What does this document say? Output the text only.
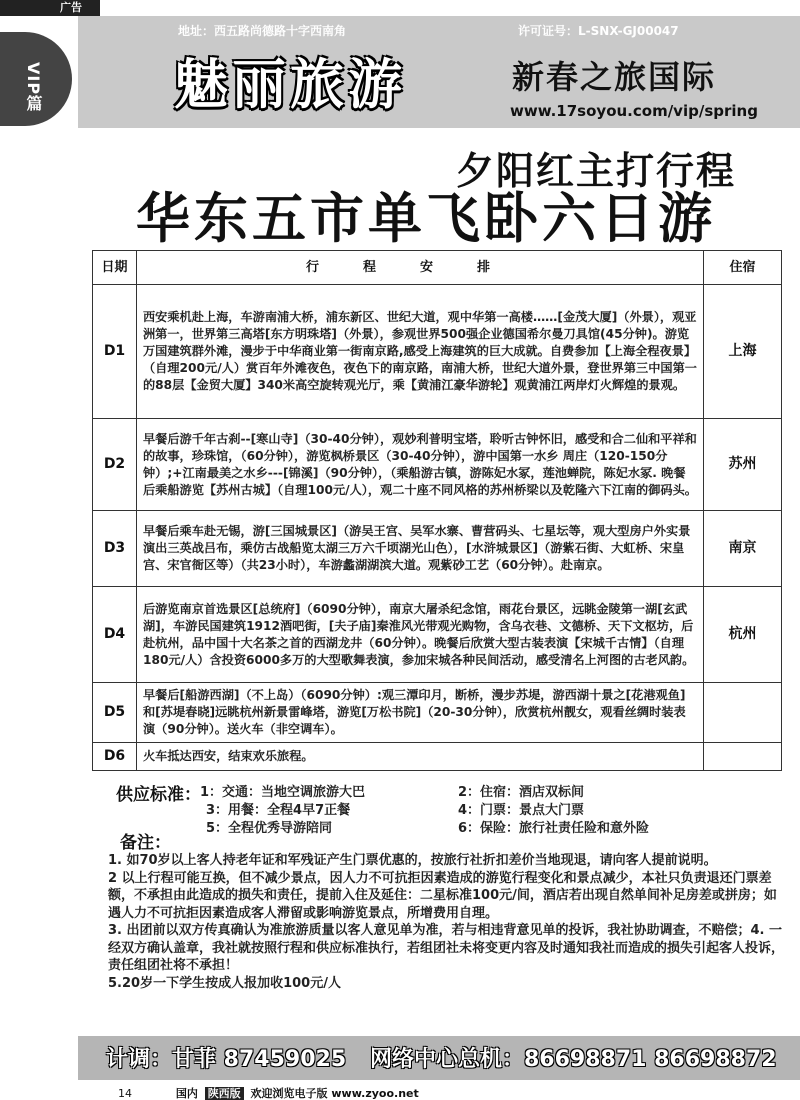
广告
VIP篇
地址：西五路尚德路十字西南角	许可证号：L-SNX-GJ00047
魅丽旅游	新春之旅国际
www.17soyou.com/vip/spring
夕阳红主打行程
华东五市单飞卧六日游
日期	行程安排	住宿
D1	西安乘机赴上海，车游南浦大桥，浦东新区、世纪大道，观中华第一高楼……[金茂大厦]（外景），观亚洲第一，世界第三高塔[东方明珠塔]（外景），参观世界500强企业德国希尔曼刀具馆(45分钟)。游览万国建筑群外滩，漫步于中华商业第一街南京路,感受上海建筑的巨大成就。自费参加【上海全程夜景】（自理200元/人）赏百年外滩夜色，夜色下的南京路，南浦大桥，世纪大道外景，登世界第三中国第一的88层【金贸大厦】340米高空旋转观光厅，乘【黄浦江豪华游轮】观黄浦江两岸灯火辉煌的景观。	上海
D2	早餐后游千年古刹--[寒山寺]（30-40分钟），观妙利普明宝塔，聆听古钟怀旧，感受和合二仙和平祥和的故事，珍珠馆，（60分钟），游览枫桥景区（30-40分钟），游中国第一水乡 周庄（120-150分钟）;+江南最美之水乡---[锦溪]（90分钟），（乘船游古镇，游陈妃水冢，莲池蝉院，陈妃水冢. 晚餐后乘船游览【苏州古城】（自理100元/人），观二十座不同风格的苏州桥梁以及乾隆六下江南的御码头。	苏州
D3	早餐后乘车赴无锡，游[三国城景区]（游吴王宫、吴军水寨、曹营码头、七星坛等，观大型房户外实景演出三英战吕布，乘仿古战船览太湖三万六千顷湖光山色），[水浒城景区]（游紫石街、大虹桥、宋皇宫、宋官衙区等）（共23小时），车游蠡湖湖滨大道。观紫砂工艺（60分钟）。赴南京。	南京
D4	后游览南京首选景区[总统府]（6090分钟），南京大屠杀纪念馆，雨花台景区，远眺金陵第一湖[玄武湖]，车游民国建筑1912酒吧街，[夫子庙]秦淮风光带观光购物，含乌衣巷、文德桥、天下文枢坊，后赴杭州，品中国十大名茶之首的西湖龙井（60分钟）。晚餐后欣赏大型古装表演【宋城千古情】（自理180元/人）含投资6000多万的大型歌舞表演，参加宋城各种民间活动，感受清名上河图的古老风韵。	杭州
D5	早餐后[船游西湖]（不上岛）（6090分钟）:观三潭印月，断桥，漫步苏堤，游西湖十景之[花港观鱼]和[苏堤春晓]远眺杭州新景雷峰塔，游览[万松书院]（20-30分钟），欣赏杭州靓女，观看丝绸时装表演（90分钟）。送火车（非空调车）。	
D6	火车抵达西安，结束欢乐旅程。	
供应标准： 1：交通：当地空调旅游大巴	2：住宿：酒店双标间
3：用餐：全程4早7正餐	4：门票：景点大门票
5：全程优秀导游陪同	6：保险：旅行社责任险和意外险
备注：

1. 如70岁以上客人持老年证和军残证产生门票优惠的，按旅行社折扣差价当地现退，请向客人提前说明。

2 以上行程可能互换，但不减少景点，因人力不可抗拒因素造成的游览行程变化和景点减少，本社只负责退还门票差额，不承担由此造成的损失和责任，提前入住及延住：二星标准100元/间，酒店若出现自然单间补足房差或拼房；如遇人力不可抗拒因素造成客人滞留或影响游览景点，所增费用自理。

3. 出团前以双方传真确认为准旅游质量以客人意见单为准，若与相违背意见单的投诉，我社协助调查，不赔偿；4. 一经双方确认盖章，我社就按照行程和供应标准执行，若组团社未将变更内容及时通知我社而造成的损失引起客人投诉，责任组团社将不承担！

5.20岁一下学生按成人报加收100元/人

计调：甘菲 87459025 网络中心总机：86698871 86698872
14	国内 陕西版 欢迎浏览电子版 www.zyoo.net
